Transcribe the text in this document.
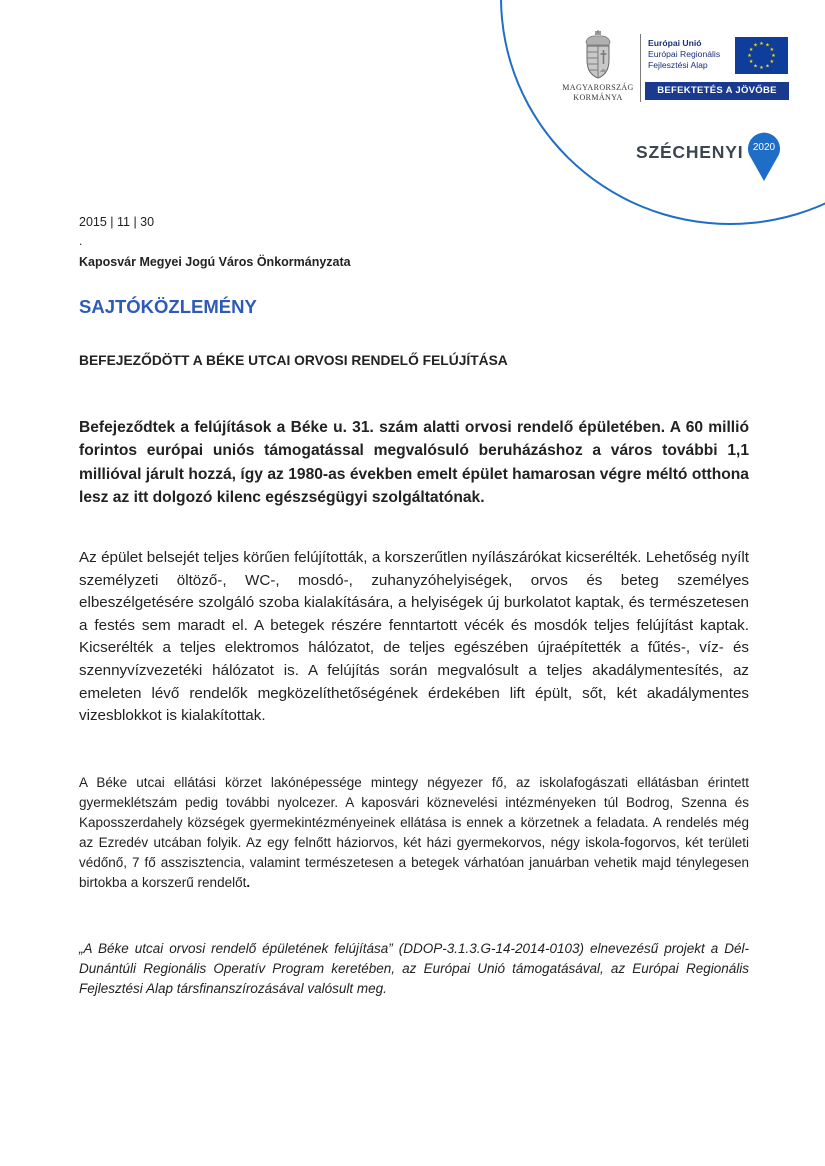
MAGYARORSZÁG
KORMÁNYA
Európai Unió
Európai Regionális
Fejlesztési Alap
★ ★
★
★
★
★
★
★
★
★
★
★
BEFEKTETÉS A JÖVŐBE
SZÉCHENYI 2020
2015 | 11 | 30
.
Kaposvár Megyei Jogú Város Önkormányzata
SAJTÓKÖZLEMÉNY
BEFEJEZŐDÖTT A BÉKE UTCAI ORVOSI RENDELŐ FELÚJÍTÁSA

Befejeződtek a felújítások a Béke u. 31. szám alatti orvosi rendelő épületében. A 60 millió forintos európai uniós támogatással megvalósuló beruházáshoz a város további 1,1 millióval járult hozzá, így az 1980-as években emelt épület hamarosan végre méltó otthona lesz az itt dolgozó kilenc egészségügyi szolgáltatónak.

Az épület belsejét teljes körűen felújították, a korszerűtlen nyílászárókat kicserélték. Lehetőség nyílt személyzeti öltöző-, WC-, mosdó-, zuhanyzóhelyiségek, orvos és beteg személyes elbeszélgetésére szolgáló szoba kialakítására, a helyiségek új burkolatot kaptak, és természetesen a festés sem maradt el. A betegek részére fenntartott vécék és mosdók teljes felújítást kaptak. Kicserélték a teljes elektromos hálózatot, de teljes egészében újraépítették a fűtés-, víz- és szennyvízvezetéki hálózatot is. A felújítás során megvalósult a teljes akadálymentesítés, az emeleten lévő rendelők megközelíthetőségének érdekében lift épült, sőt, két akadálymentes vizesblokkot is kialakítottak.

A Béke utcai ellátási körzet lakónépessége mintegy négyezer fő, az iskolafogászati ellátásban érintett gyermeklétszám pedig további nyolcezer. A kaposvári köznevelési intézményeken túl Bodrog, Szenna és Kaposszerdahely községek gyermekintézményeinek ellátása is ennek a körzetnek a feladata. A rendelés még az Ezredév utcában folyik. Az egy felnőtt háziorvos, két házi gyermekorvos, négy iskola-fogorvos, két területi védőnő, 7 fő asszisztencia, valamint természetesen a betegek várhatóan januárban vehetik majd ténylegesen birtokba a korszerű rendelőt.

„A Béke utcai orvosi rendelő épületének felújítása” (DDOP-3.1.3.G-14-2014-0103) elnevezésű projekt a Dél-Dunántúli Regionális Operatív Program keretében, az Európai Unió támogatásával, az Európai Regionális Fejlesztési Alap társfinanszírozásával valósult meg.
